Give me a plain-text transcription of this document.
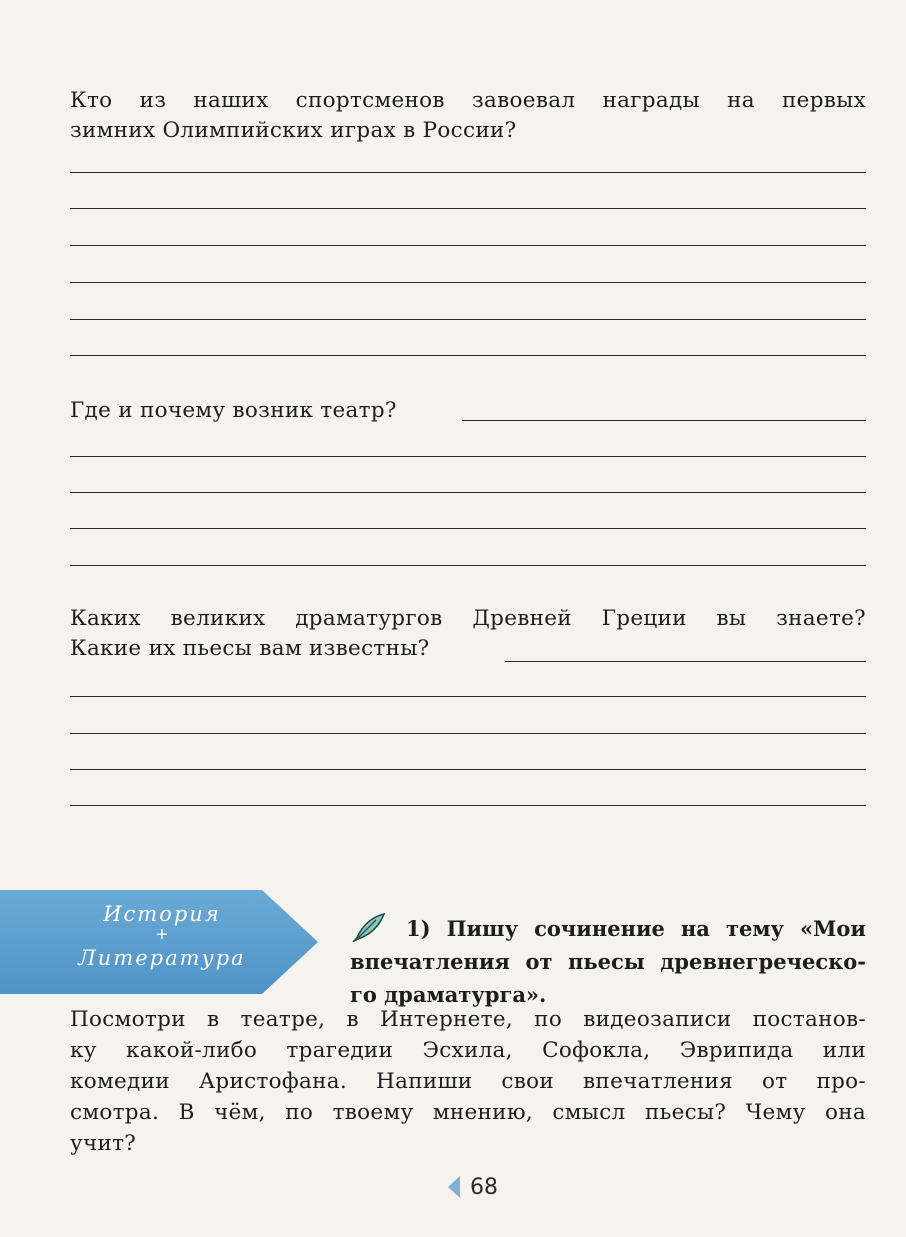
Кто из наших спортсменов завоевал награды на первых
зимних Олимпийских играх в России?
Где и почему возник театр?
Каких великих драматургов Древней Греции вы знаете?
Какие их пьесы вам известны?
История
+
Литература
1) Пишу сочинение на тему «Мои
впечатления от пьесы древнегреческо-
го драматурга».
Посмотри в театре, в Интернете, по видеозаписи постанов-
ку какой-либо трагедии Эсхила, Софокла, Эврипида или
комедии Аристофана. Напиши свои впечатления от про-
смотра. В чём, по твоему мнению, смысл пьесы? Чему она
учит?
68
